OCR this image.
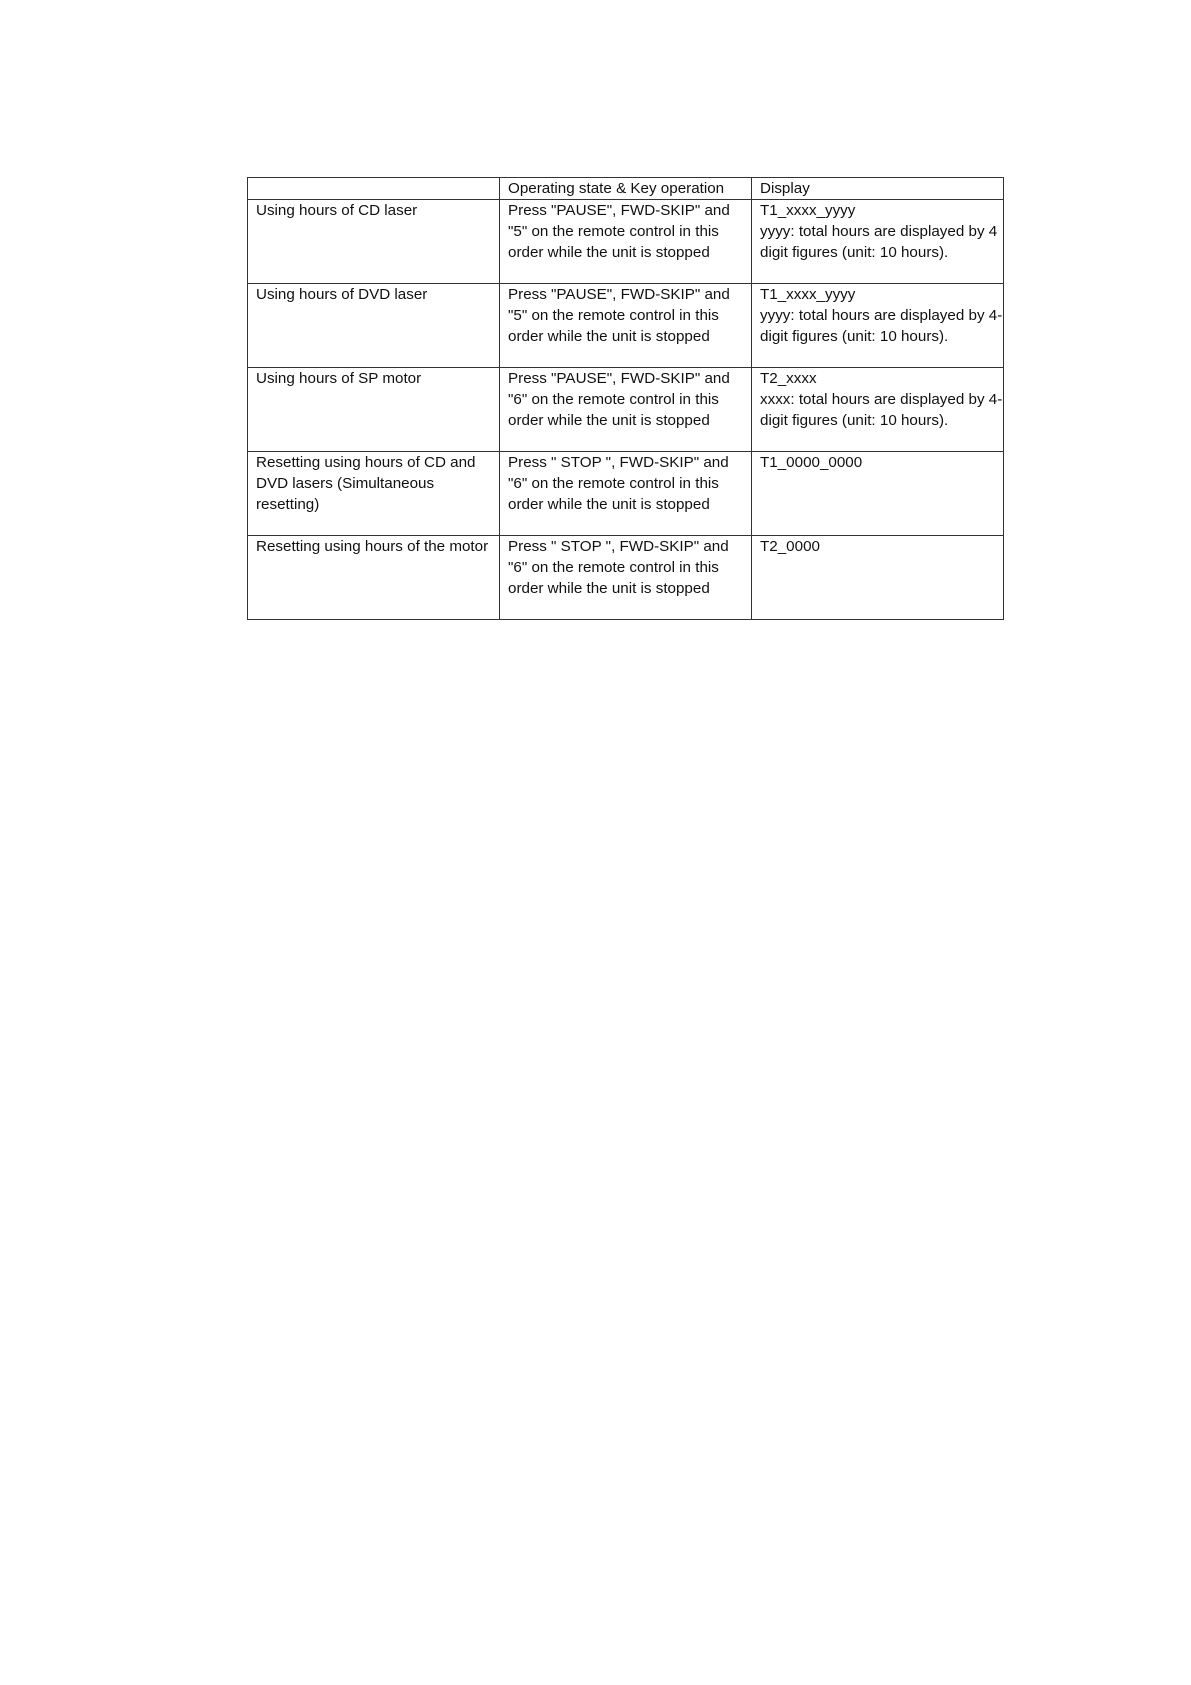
	Operating state & Key operation	Display
Using hours of CD laser	Press "PAUSE", FWD-SKIP" and "5" on the remote control in this order while the unit is stopped	T1_xxxx_yyyy
yyyy: total hours are displayed by 4 digit figures (unit: 10 hours).
Using hours of DVD laser	Press "PAUSE", FWD-SKIP" and "5" on the remote control in this order while the unit is stopped	T1_xxxx_yyyy
yyyy: total hours are displayed by 4-digit figures (unit: 10 hours).
Using hours of SP motor	Press "PAUSE", FWD-SKIP" and "6" on the remote control in this order while the unit is stopped	T2_xxxx
xxxx: total hours are displayed by 4-digit figures (unit: 10 hours).
Resetting using hours of CD and DVD lasers (Simultaneous resetting)	Press " STOP ", FWD-SKIP" and "6" on the remote control in this order while the unit is stopped	T1_0000_0000
Resetting using hours of the motor	Press " STOP ", FWD-SKIP" and "6" on the remote control in this order while the unit is stopped	T2_0000
